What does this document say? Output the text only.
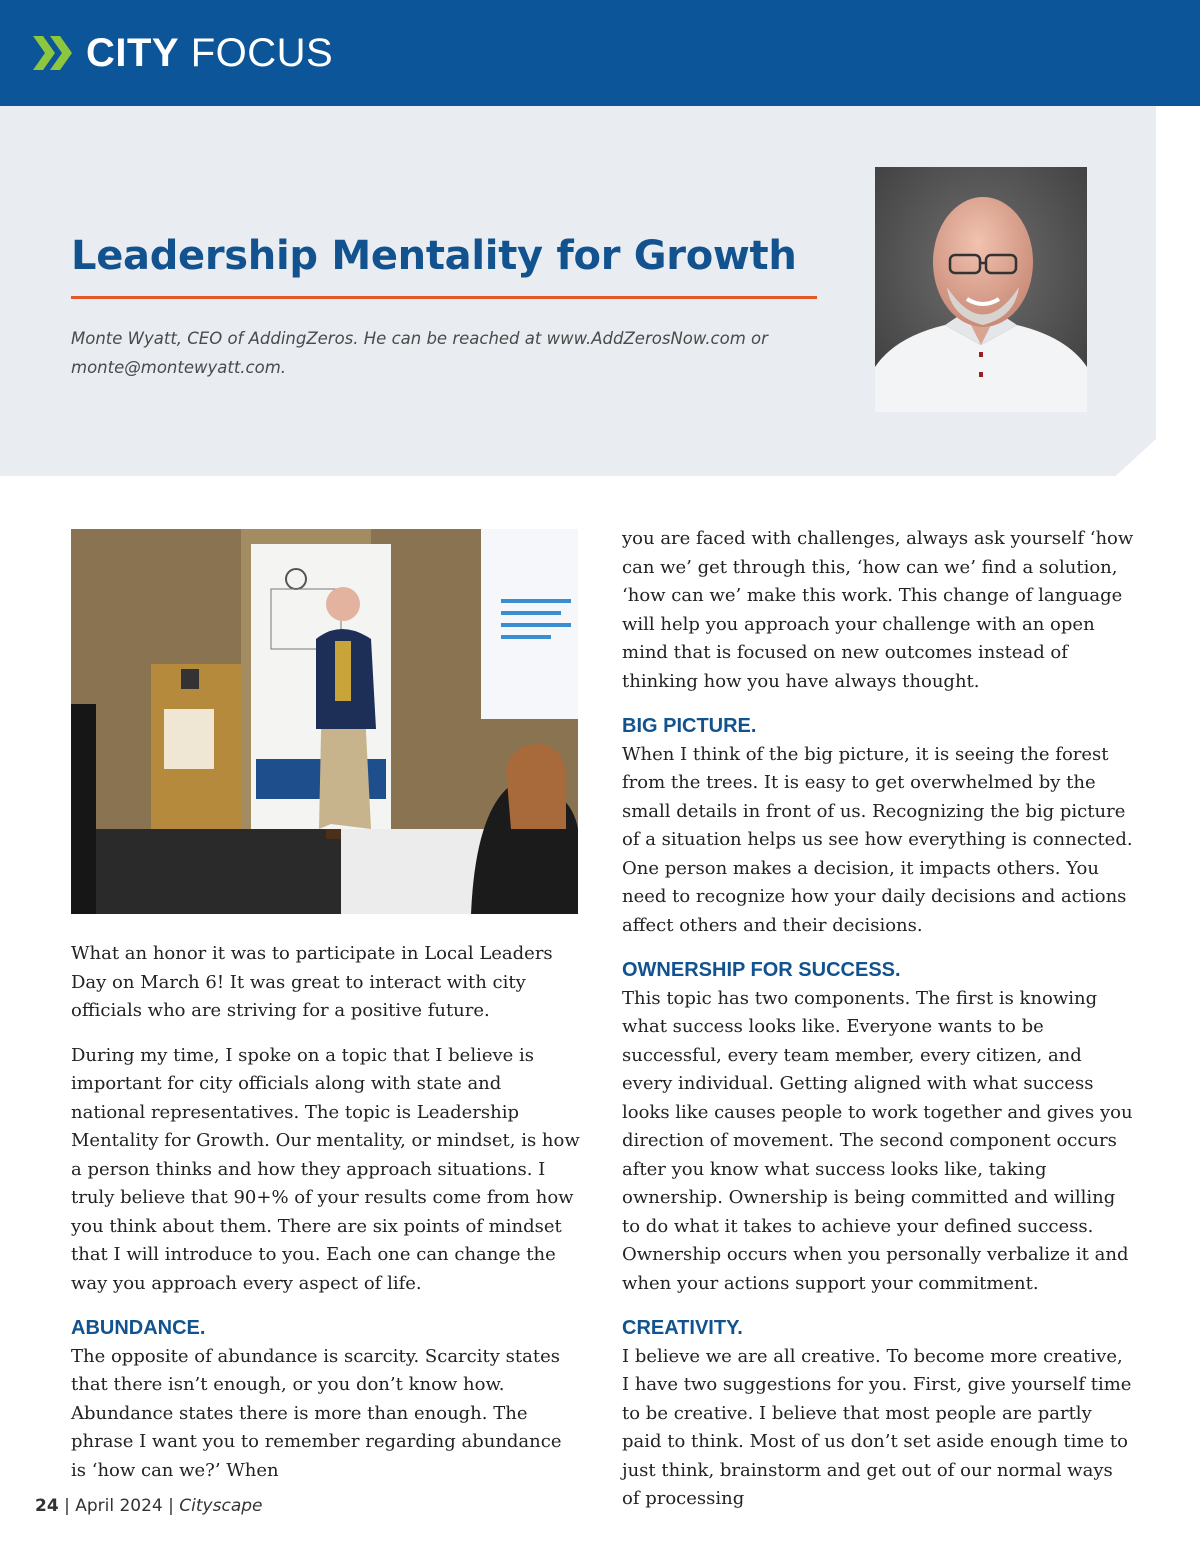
CITY FOCUS
Leadership Mentality for Growth
Monte Wyatt, CEO of AddingZeros. He can be reached at www.AddZerosNow.com or monte@montewyatt.com.

What an honor it was to participate in Local Leaders Day on March 6! It was great to interact with city officials who are striving for a positive future.

During my time, I spoke on a topic that I believe is important for city officials along with state and national representatives. The topic is Leadership Mentality for Growth. Our mentality, or mindset, is how a person thinks and how they approach situations. I truly believe that 90+% of your results come from how you think about them. There are six points of mindset that I will introduce to you. Each one can change the way you approach every aspect of life.

ABUNDANCE.

The opposite of abundance is scarcity. Scarcity states that there isn’t enough, or you don’t know how. Abundance states there is more than enough. The phrase I want you to remember regarding abundance is ‘how can we?’ When

you are faced with challenges, always ask yourself ‘how can we’ get through this, ‘how can we’ find a solution, ‘how can we’ make this work. This change of language will help you approach your challenge with an open mind that is focused on new outcomes instead of thinking how you have always thought.

BIG PICTURE.

When I think of the big picture, it is seeing the forest from the trees. It is easy to get overwhelmed by the small details in front of us. Recognizing the big picture of a situation helps us see how everything is connected. One person makes a decision, it impacts others. You need to recognize how your daily decisions and actions affect others and their decisions.

OWNERSHIP FOR SUCCESS.

This topic has two components. The first is knowing what success looks like. Everyone wants to be successful, every team member, every citizen, and every individual. Getting aligned with what success looks like causes people to work together and gives you direction of movement. The second component occurs after you know what success looks like, taking ownership. Ownership is being committed and willing to do what it takes to achieve your defined success. Ownership occurs when you personally verbalize it and when your actions support your commitment.

CREATIVITY.

I believe we are all creative. To become more creative, I have two suggestions for you. First, give yourself time to be creative. I believe that most people are partly paid to think. Most of us don’t set aside enough time to just think, brainstorm and get out of our normal ways of processing

24 | April 2024 | Cityscape
